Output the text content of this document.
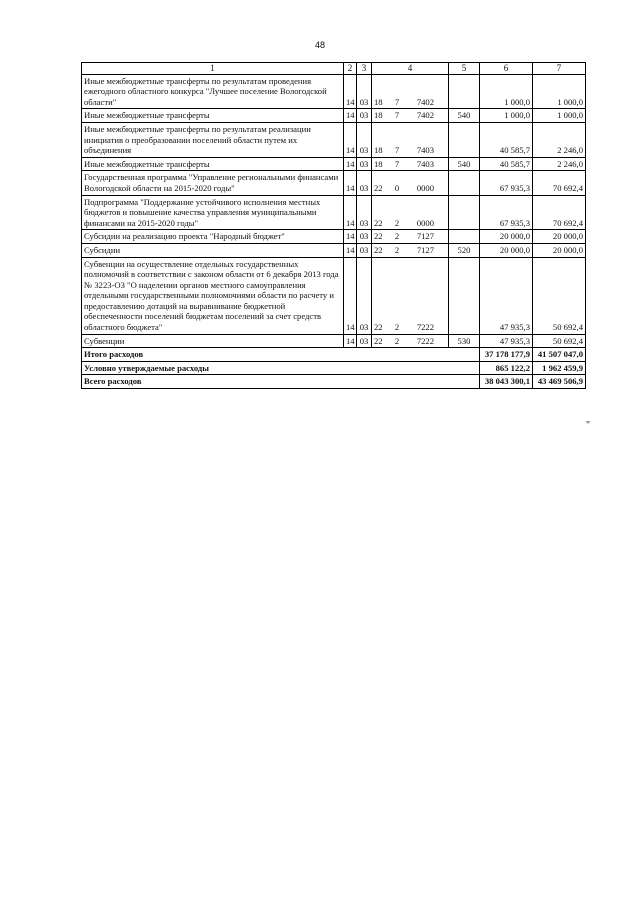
48
1	2	3	4	5	6	7
Иные межбюджетные трансферты по результатам проведения ежегодного областного конкурса "Лучшее поселение Вологодской области"	14	03	18 7 7402		1 000,0	1 000,0
Иные межбюджетные трансферты	14	03	18 7 7402	540	1 000,0	1 000,0
Иные межбюджетные трансферты по результатам реализации инициатив о преобразовании поселений области путем их объединения	14	03	18 7 7403		40 585,7	2 246,0
Иные межбюджетные трансферты	14	03	18 7 7403	540	40 585,7	2 246,0
Государственная программа "Управление региональными финансами Вологодской области на 2015-2020 годы"	14	03	22 0 0000		67 935,3	70 692,4
Подпрограмма "Поддержание устойчивого исполнения местных бюджетов и повышение качества управления муниципальными финансами на 2015-2020 годы"	14	03	22 2 0000		67 935,3	70 692,4
Субсидии на реализацию проекта "Народный бюджет"	14	03	22 2 7127		20 000,0	20 000,0
Субсидии	14	03	22 2 7127	520	20 000,0	20 000,0
Субвенции на осуществление отдельных государственных полномочий в соответствии с законом области от 6 декабря 2013 года № 3223-ОЗ "О наделении органов местного самоуправления отдельными государственными полномочиями области по расчету и предоставлению дотаций на выравнивание бюджетной обеспеченности поселений бюджетам поселений за счет средств областного бюджета"	14	03	22 2 7222		47 935,3	50 692,4
Субвенции	14	03	22 2 7222	530	47 935,3	50 692,4
Итого расходов					37 178 177,9	41 507 047,0
Условно утверждаемые расходы					865 122,2	1 962 459,9
Всего расходов					38 043 300,1	43 469 506,9
"
